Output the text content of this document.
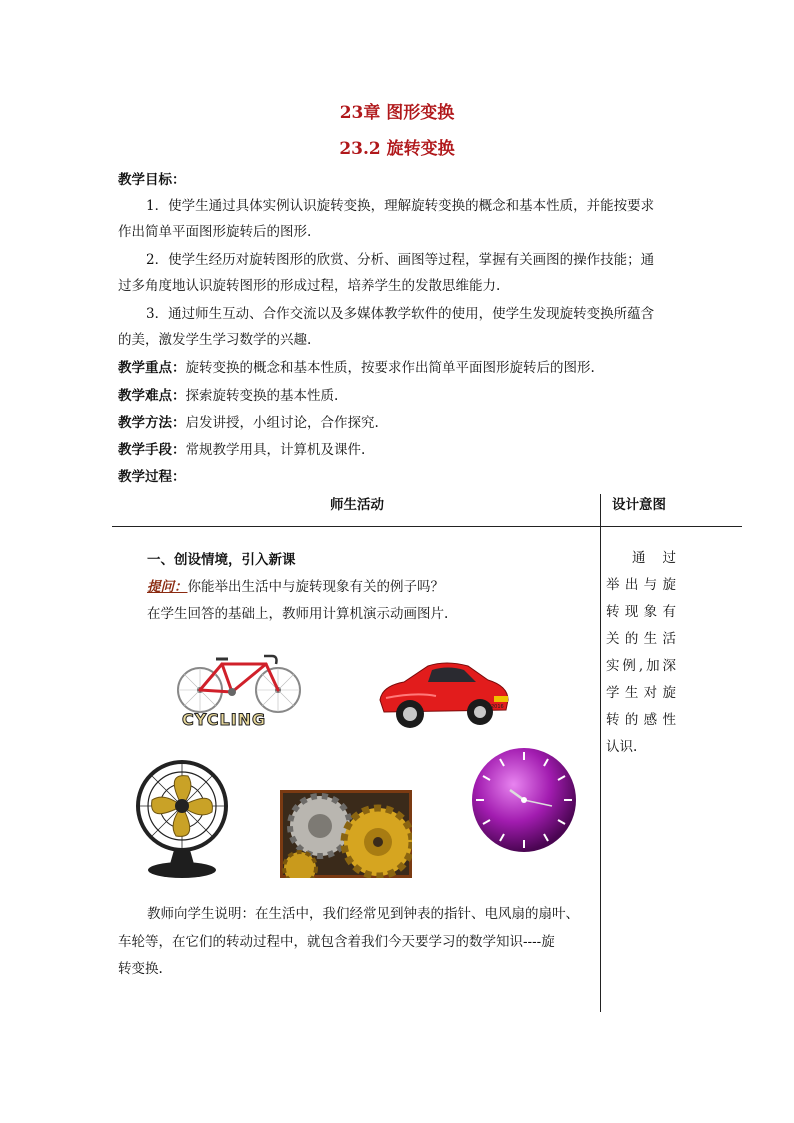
23章 图形变换
23.2 旋转变换
教学目标：
1．使学生通过具体实例认识旋转变换，理解旋转变换的概念和基本性质，并能按要求
作出简单平面图形旋转后的图形.
2．使学生经历对旋转图形的欣赏、分析、画图等过程，掌握有关画图的操作技能；通
过多角度地认识旋转图形的形成过程，培养学生的发散思维能力.
3．通过师生互动、合作交流以及多媒体教学软件的使用，使学生发现旋转变换所蕴含
的美，激发学生学习数学的兴趣.
教学重点：旋转变换的概念和基本性质，按要求作出简单平面图形旋转后的图形.
教学难点：探索旋转变换的基本性质.
教学方法：启发讲授，小组讨论，合作探究.
教学手段：常规教学用具，计算机及课件.
教学过程：
师生活动	设计意图
一、创设情境，引入新课
提问：你能举出生活中与旋转现象有关的例子吗？
在学生回答的基础上，教师用计算机演示动画图片.
CYCLING
S-2016
教师向学生说明：在生活中，我们经常见到钟表的指针、电风扇的扇叶、
车轮等，在它们的转动过程中，就包含着我们今天要学习的数学知识----旋
转变换.
通　过
举出与旋
转现象有
关的生活
实例,加深
学生对旋
转的感性
认识.
